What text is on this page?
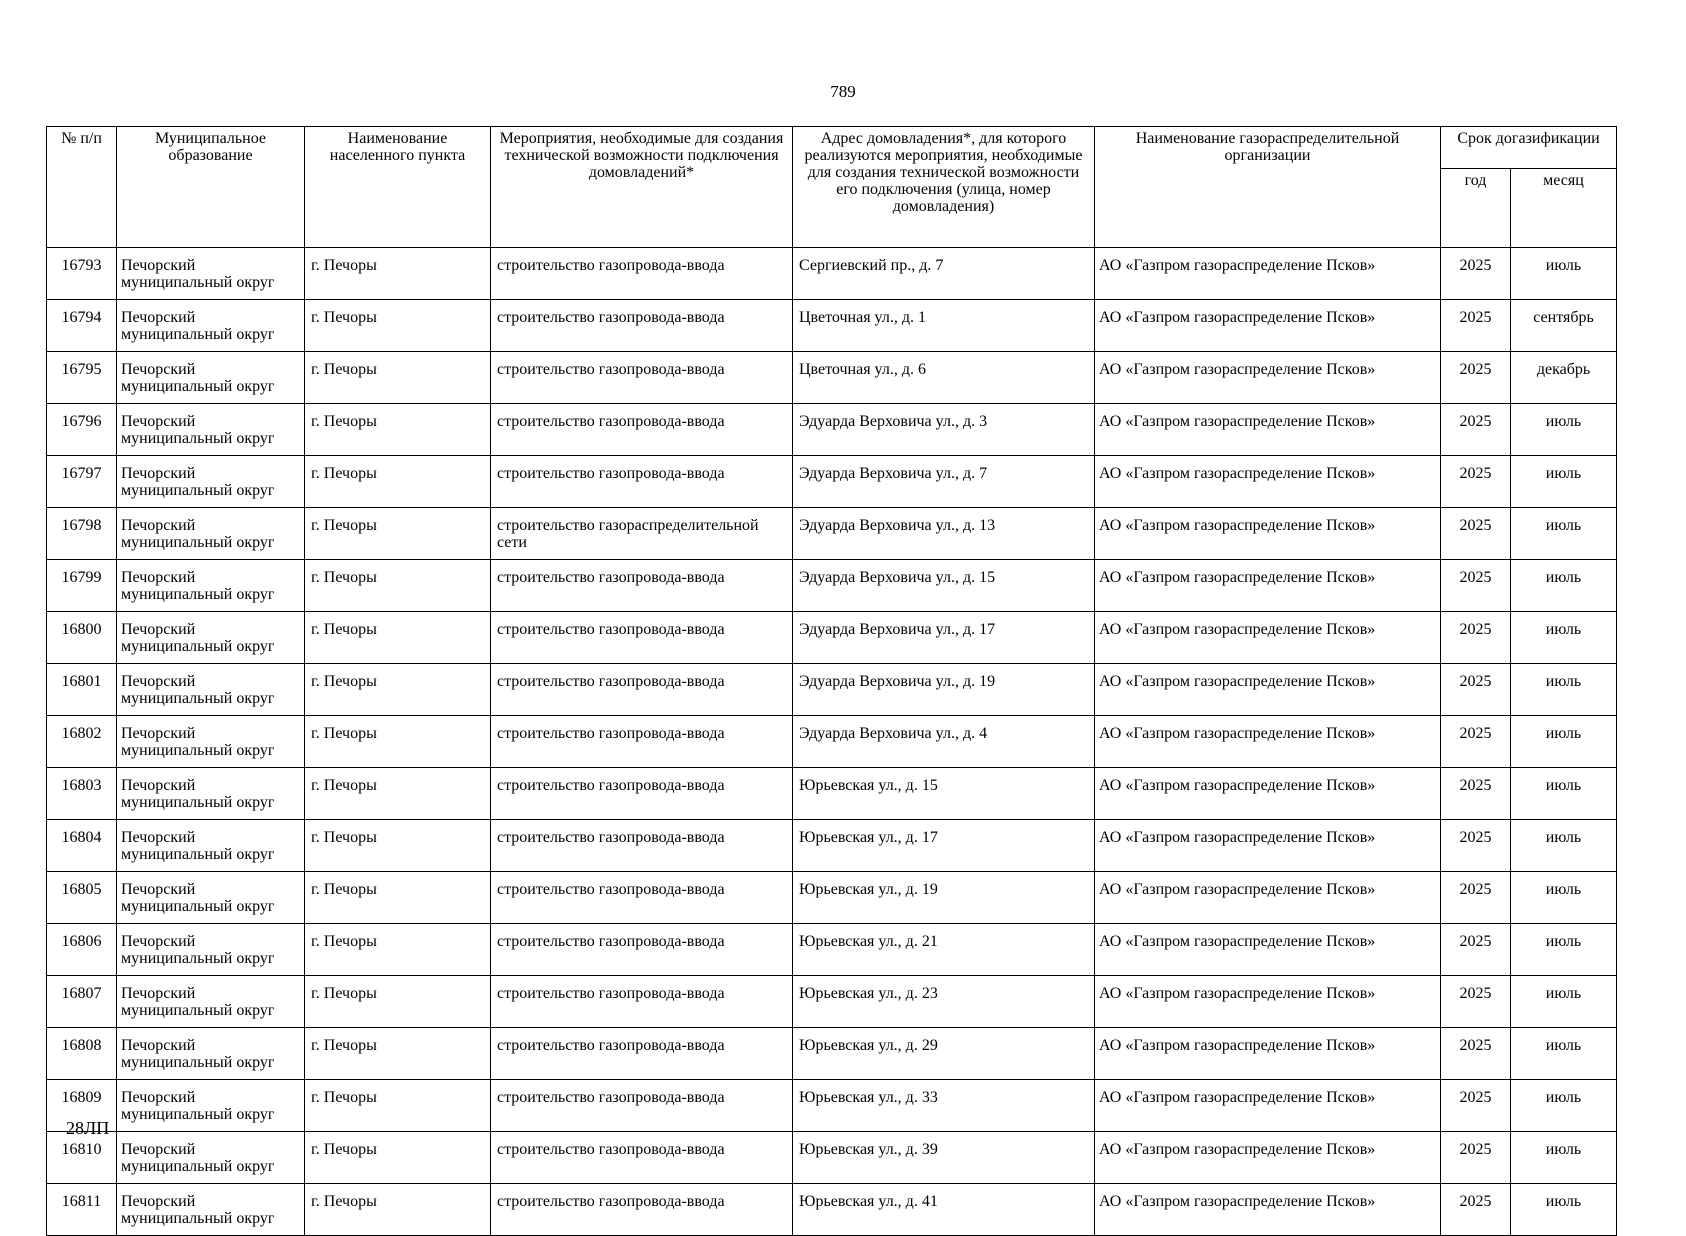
789
№ п/п	Муниципальное образование	Наименование населенного пункта	Мероприятия, необходимые для создания технической возможности подключения домовладений*	Адрес домовладения*, для которого реализуются мероприятия, необходимые для создания технической возможности его подключения (улица, номер домовладения)	Наименование газораспределительной организации	Срок догазификации	
						год	месяц
16793	Печорский муниципальный округ	г. Печоры	строительство газопровода-ввода	Сергиевский пр., д. 7	АО «Газпром газораспределение Псков»	2025	июль
16794	Печорский муниципальный округ	г. Печоры	строительство газопровода-ввода	Цветочная ул., д. 1	АО «Газпром газораспределение Псков»	2025	сентябрь
16795	Печорский муниципальный округ	г. Печоры	строительство газопровода-ввода	Цветочная ул., д. 6	АО «Газпром газораспределение Псков»	2025	декабрь
16796	Печорский муниципальный округ	г. Печоры	строительство газопровода-ввода	Эдуарда Верховича ул., д. 3	АО «Газпром газораспределение Псков»	2025	июль
16797	Печорский муниципальный округ	г. Печоры	строительство газопровода-ввода	Эдуарда Верховича ул., д. 7	АО «Газпром газораспределение Псков»	2025	июль
16798	Печорский муниципальный округ	г. Печоры	строительство газораспределительной сети	Эдуарда Верховича ул., д. 13	АО «Газпром газораспределение Псков»	2025	июль
16799	Печорский муниципальный округ	г. Печоры	строительство газопровода-ввода	Эдуарда Верховича ул., д. 15	АО «Газпром газораспределение Псков»	2025	июль
16800	Печорский муниципальный округ	г. Печоры	строительство газопровода-ввода	Эдуарда Верховича ул., д. 17	АО «Газпром газораспределение Псков»	2025	июль
16801	Печорский муниципальный округ	г. Печоры	строительство газопровода-ввода	Эдуарда Верховича ул., д. 19	АО «Газпром газораспределение Псков»	2025	июль
16802	Печорский муниципальный округ	г. Печоры	строительство газопровода-ввода	Эдуарда Верховича ул., д. 4	АО «Газпром газораспределение Псков»	2025	июль
16803	Печорский муниципальный округ	г. Печоры	строительство газопровода-ввода	Юрьевская ул., д. 15	АО «Газпром газораспределение Псков»	2025	июль
16804	Печорский муниципальный округ	г. Печоры	строительство газопровода-ввода	Юрьевская ул., д. 17	АО «Газпром газораспределение Псков»	2025	июль
16805	Печорский муниципальный округ	г. Печоры	строительство газопровода-ввода	Юрьевская ул., д. 19	АО «Газпром газораспределение Псков»	2025	июль
16806	Печорский муниципальный округ	г. Печоры	строительство газопровода-ввода	Юрьевская ул., д. 21	АО «Газпром газораспределение Псков»	2025	июль
16807	Печорский муниципальный округ	г. Печоры	строительство газопровода-ввода	Юрьевская ул., д. 23	АО «Газпром газораспределение Псков»	2025	июль
16808	Печорский муниципальный округ	г. Печоры	строительство газопровода-ввода	Юрьевская ул., д. 29	АО «Газпром газораспределение Псков»	2025	июль
16809	Печорский муниципальный округ	г. Печоры	строительство газопровода-ввода	Юрьевская ул., д. 33	АО «Газпром газораспределение Псков»	2025	июль
16810	Печорский муниципальный округ	г. Печоры	строительство газопровода-ввода	Юрьевская ул., д. 39	АО «Газпром газораспределение Псков»	2025	июль
16811	Печорский муниципальный округ	г. Печоры	строительство газопровода-ввода	Юрьевская ул., д. 41	АО «Газпром газораспределение Псков»	2025	июль
28ЛП
